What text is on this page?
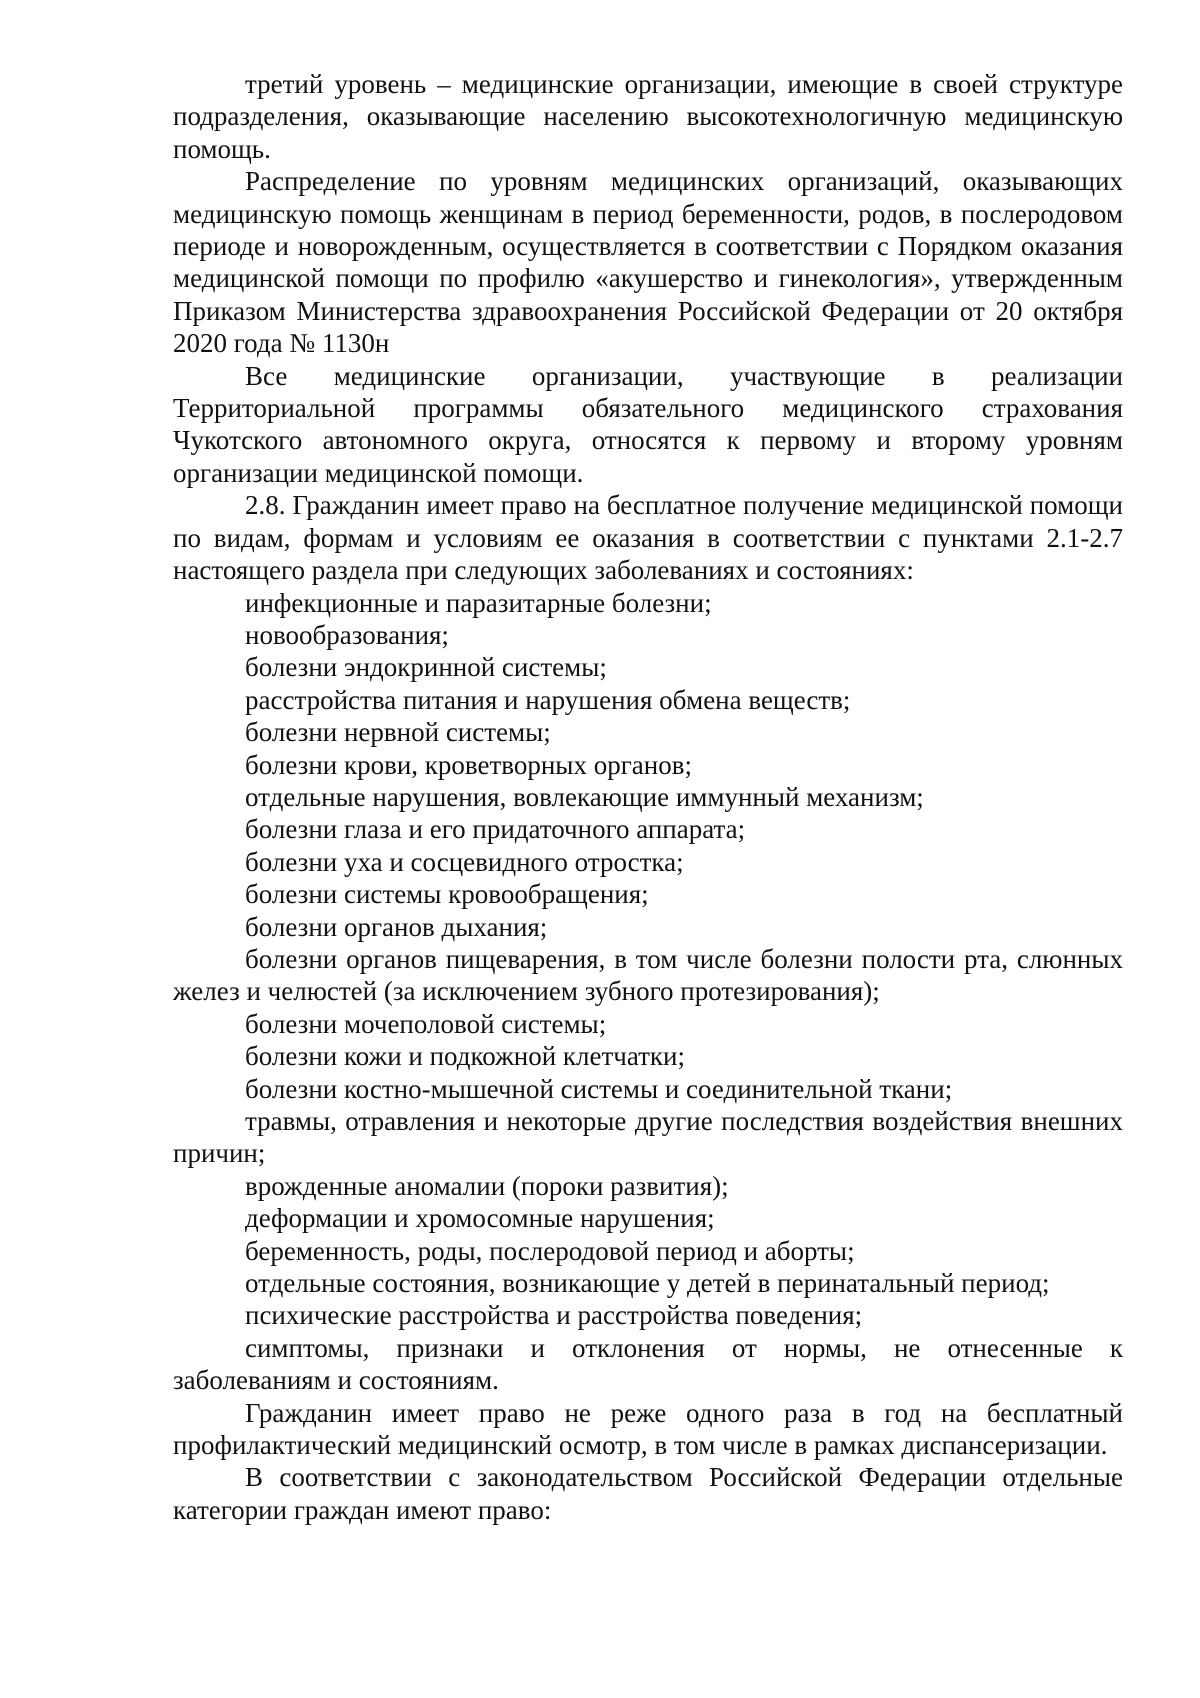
третий уровень – медицинские организации, имеющие в своей структуре подразделения, оказывающие населению высокотехнологичную медицинскую помощь.

Распределение по уровням медицинских организаций, оказывающих медицинскую помощь женщинам в период беременности, родов, в послеродовом периоде и новорожденным, осуществляется в соответствии с Порядком оказания медицинской помощи по профилю «акушерство и гинекология», утвержденным Приказом Министерства здравоохранения Российской Федерации от 20 октября 2020 года № 1130н

Все медицинские организации, участвующие в реализации Территориальной программы обязательного медицинского страхования Чукотского автономного округа, относятся к первому и второму уровням организации медицинской помощи.

2.8. Гражданин имеет право на бесплатное получение медицинской помощи по видам, формам и условиям ее оказания в соответствии с пунктами 2.1-2.7 настоящего раздела при следующих заболеваниях и состояниях:

инфекционные и паразитарные болезни;

новообразования;

болезни эндокринной системы;

расстройства питания и нарушения обмена веществ;

болезни нервной системы;

болезни крови, кроветворных органов;

отдельные нарушения, вовлекающие иммунный механизм;

болезни глаза и его придаточного аппарата;

болезни уха и сосцевидного отростка;

болезни системы кровообращения;

болезни органов дыхания;

болезни органов пищеварения, в том числе болезни полости рта, слюнных желез и челюстей (за исключением зубного протезирования);

болезни мочеполовой системы;

болезни кожи и подкожной клетчатки;

болезни костно-мышечной системы и соединительной ткани;

травмы, отравления и некоторые другие последствия воздействия внешних причин;

врожденные аномалии (пороки развития);

деформации и хромосомные нарушения;

беременность, роды, послеродовой период и аборты;

отдельные состояния, возникающие у детей в перинатальный период;

психические расстройства и расстройства поведения;

симптомы, признаки и отклонения от нормы, не отнесенные к заболеваниям и состояниям.

Гражданин имеет право не реже одного раза в год на бесплатный профилактический медицинский осмотр, в том числе в рамках диспансеризации.

В соответствии с законодательством Российской Федерации отдельные категории граждан имеют право:
